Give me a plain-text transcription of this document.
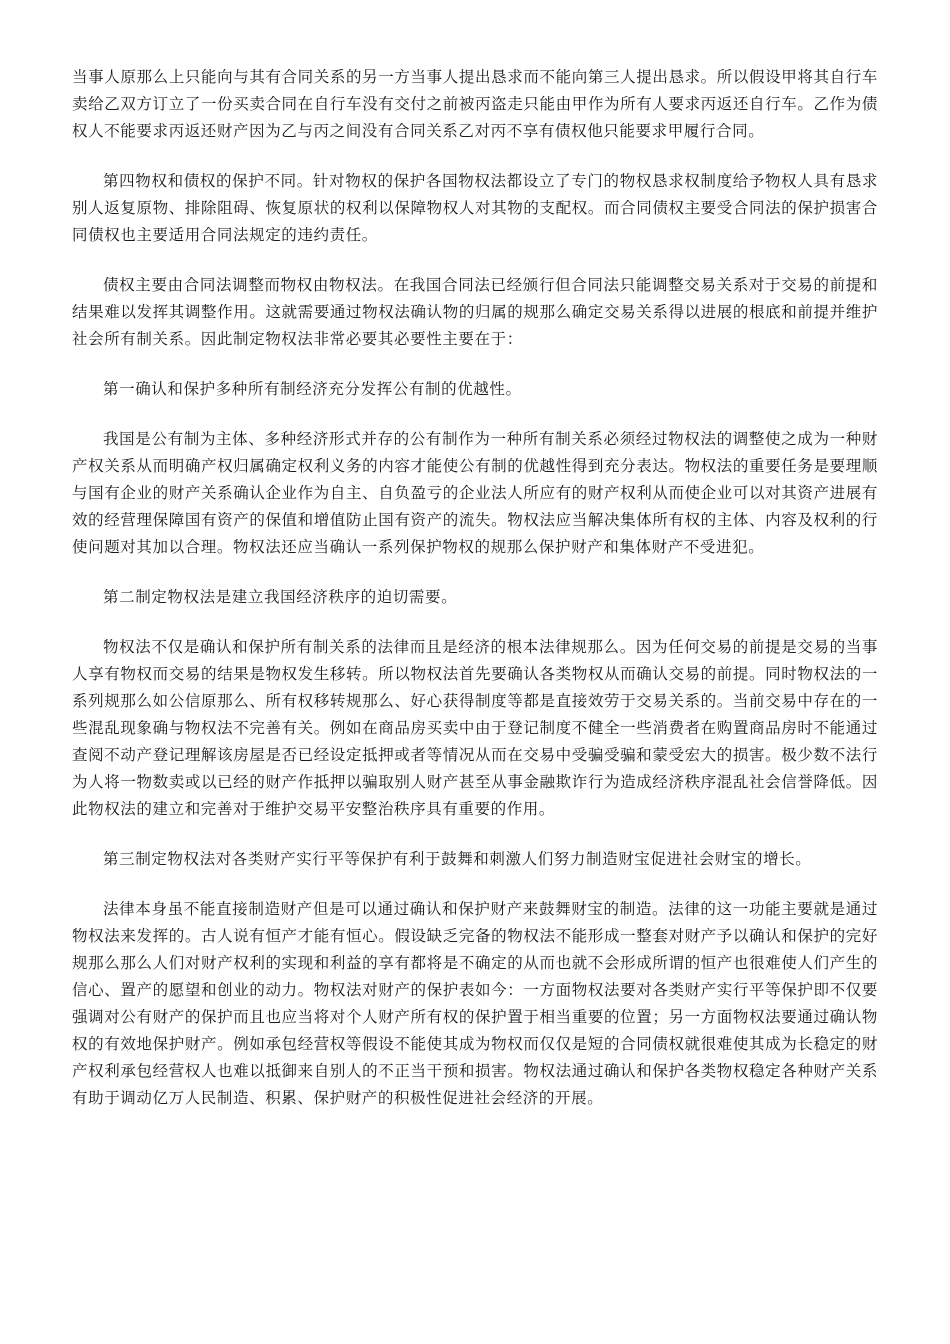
当事人原那么上只能向与其有合同关系的另一方当事人提出恳求而不能向第三人提出恳求。所以假设甲将其自行车卖给乙双方订立了一份买卖合同在自行车没有交付之前被丙盗走只能由甲作为所有人要求丙返还自行车。乙作为债权人不能要求丙返还财产因为乙与丙之间没有合同关系乙对丙不享有债权他只能要求甲履行合同。

第四物权和债权的保护不同。针对物权的保护各国物权法都设立了专门的物权恳求权制度给予物权人具有恳求别人返复原物、排除阻碍、恢复原状的权利以保障物权人对其物的支配权。而合同债权主要受合同法的保护损害合同债权也主要适用合同法规定的违约责任。

债权主要由合同法调整而物权由物权法。在我国合同法已经颁行但合同法只能调整交易关系对于交易的前提和结果难以发挥其调整作用。这就需要通过物权法确认物的归属的规那么确定交易关系得以进展的根底和前提并维护社会所有制关系。因此制定物权法非常必要其必要性主要在于：

第一确认和保护多种所有制经济充分发挥公有制的优越性。

我国是公有制为主体、多种经济形式并存的公有制作为一种所有制关系必须经过物权法的调整使之成为一种财产权关系从而明确产权归属确定权利义务的内容才能使公有制的优越性得到充分表达。物权法的重要任务是要理顺与国有企业的财产关系确认企业作为自主、自负盈亏的企业法人所应有的财产权利从而使企业可以对其资产进展有效的经营理保障国有资产的保值和增值防止国有资产的流失。物权法应当解决集体所有权的主体、内容及权利的行使问题对其加以合理。物权法还应当确认一系列保护物权的规那么保护财产和集体财产不受进犯。

第二制定物权法是建立我国经济秩序的迫切需要。

物权法不仅是确认和保护所有制关系的法律而且是经济的根本法律规那么。因为任何交易的前提是交易的当事人享有物权而交易的结果是物权发生移转。所以物权法首先要确认各类物权从而确认交易的前提。同时物权法的一系列规那么如公信原那么、所有权移转规那么、好心获得制度等都是直接效劳于交易关系的。当前交易中存在的一些混乱现象确与物权法不完善有关。例如在商品房买卖中由于登记制度不健全一些消费者在购置商品房时不能通过查阅不动产登记理解该房屋是否已经设定抵押或者等情况从而在交易中受骗受骗和蒙受宏大的损害。极少数不法行为人将一物数卖或以已经的财产作抵押以骗取别人财产甚至从事金融欺诈行为造成经济秩序混乱社会信誉降低。因此物权法的建立和完善对于维护交易平安整治秩序具有重要的作用。

第三制定物权法对各类财产实行平等保护有利于鼓舞和刺激人们努力制造财宝促进社会财宝的增长。

法律本身虽不能直接制造财产但是可以通过确认和保护财产来鼓舞财宝的制造。法律的这一功能主要就是通过物权法来发挥的。古人说有恒产才能有恒心。假设缺乏完备的物权法不能形成一整套对财产予以确认和保护的完好规那么那么人们对财产权利的实现和利益的享有都将是不确定的从而也就不会形成所谓的恒产也很难使人们产生的信心、置产的愿望和创业的动力。物权法对财产的保护表如今：一方面物权法要对各类财产实行平等保护即不仅要强调对公有财产的保护而且也应当将对个人财产所有权的保护置于相当重要的位置；另一方面物权法要通过确认物权的有效地保护财产。例如承包经营权等假设不能使其成为物权而仅仅是短的合同债权就很难使其成为长稳定的财产权利承包经营权人也难以抵御来自别人的不正当干预和损害。物权法通过确认和保护各类物权稳定各种财产关系有助于调动亿万人民制造、积累、保护财产的积极性促进社会经济的开展。
